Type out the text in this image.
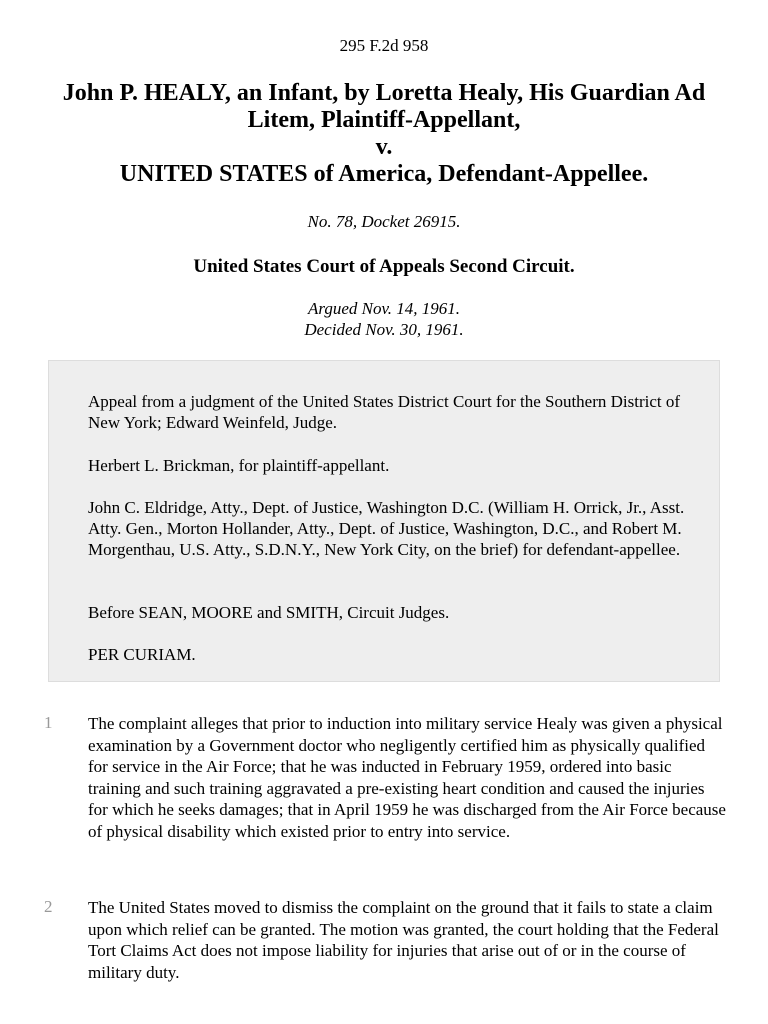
295 F.2d 958
John P. HEALY, an Infant, by Loretta Healy, His Guardian Ad
Litem, Plaintiff-Appellant,
v.
UNITED STATES of America, Defendant-Appellee.
No. 78, Docket 26915.
United States Court of Appeals Second Circuit.
Argued Nov. 14, 1961.
Decided Nov. 30, 1961.

Appeal from a judgment of the United States District Court for the Southern District of New York; Edward Weinfeld, Judge.

Herbert L. Brickman, for plaintiff-appellant.

John C. Eldridge, Atty., Dept. of Justice, Washington D.C. (William H. Orrick, Jr., Asst. Atty. Gen., Morton Hollander, Atty., Dept. of Justice, Washington, D.C., and Robert M. Morgenthau, U.S. Atty., S.D.N.Y., New York City, on the brief) for defendant-appellee.

Before SEAN, MOORE and SMITH, Circuit Judges.

PER CURIAM.

1 The complaint alleges that prior to induction into military service Healy was given a physical examination by a Government doctor who negligently certified him as physically qualified for service in the Air Force; that he was inducted in February 1959, ordered into basic training and such training aggravated a pre-existing heart condition and caused the injuries for which he seeks damages; that in April 1959 he was discharged from the Air Force because of physical disability which existed prior to entry into service.

2 The United States moved to dismiss the complaint on the ground that it fails to state a claim upon which relief can be granted. The motion was granted, the court holding that the Federal Tort Claims Act does not impose liability for injuries that arise out of or in the course of military duty.
